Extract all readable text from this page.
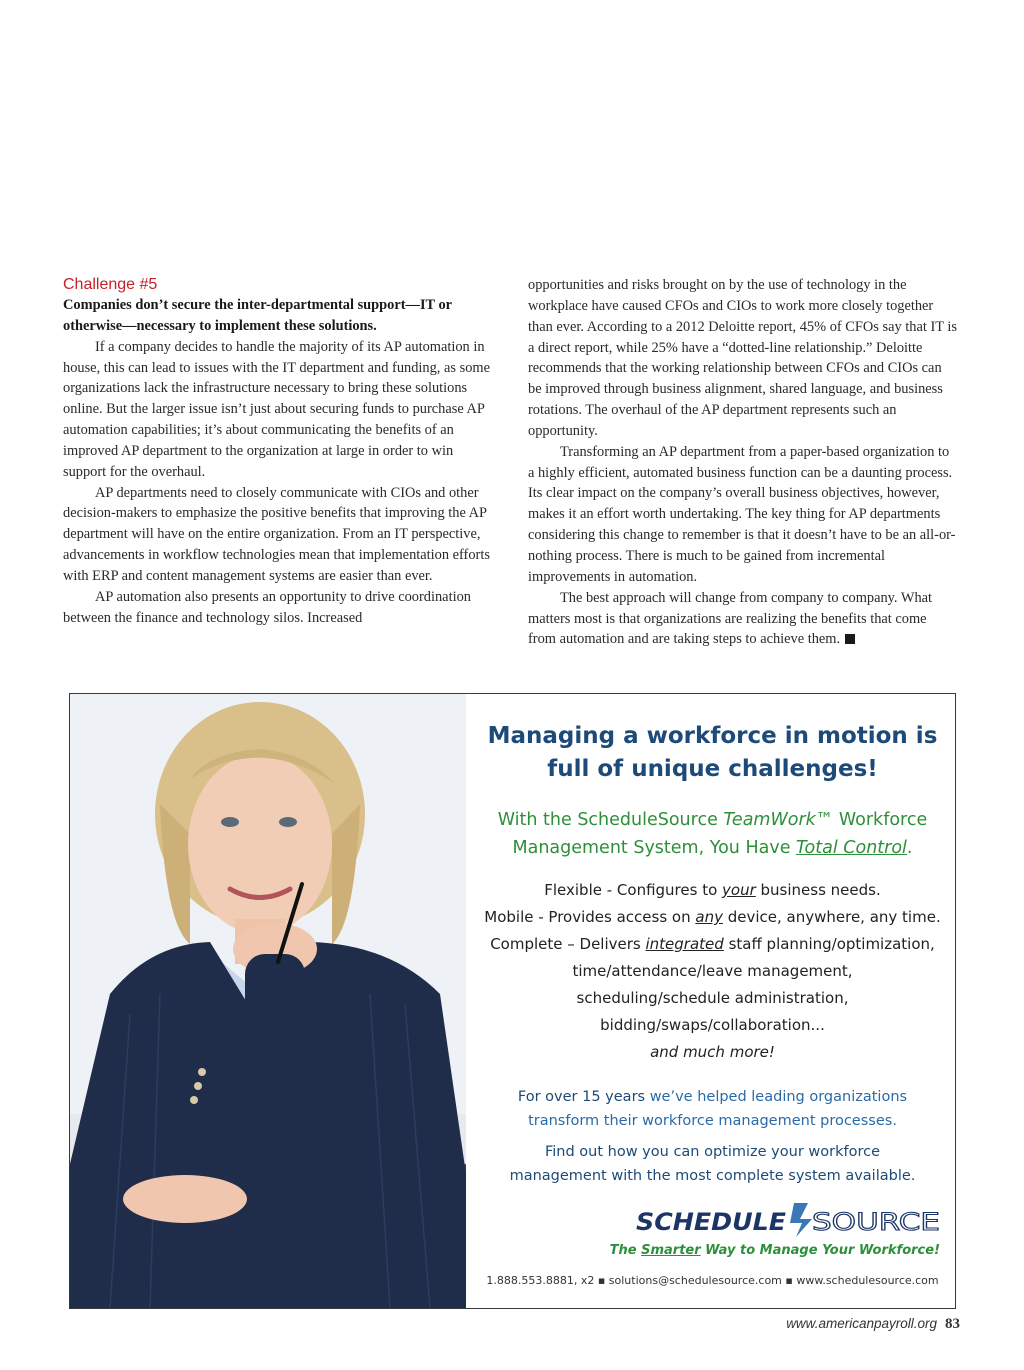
Challenge #5

Companies don’t secure the inter-departmental support—IT or otherwise—necessary to implement these solutions.

If a company decides to handle the majority of its AP automation in house, this can lead to issues with the IT department and funding, as some organizations lack the infrastructure necessary to bring these solutions online. But the larger issue isn’t just about securing funds to purchase AP automation capabilities; it’s about communicating the benefits of an improved AP department to the organization at large in order to win support for the overhaul.

AP departments need to closely communicate with CIOs and other decision-makers to emphasize the positive benefits that improving the AP department will have on the entire organization. From an IT perspective, advancements in workflow technologies mean that implementation efforts with ERP and content management systems are easier than ever.

AP automation also presents an opportunity to drive coordination between the finance and technology silos. Increased

opportunities and risks brought on by the use of technology in the workplace have caused CFOs and CIOs to work more closely together than ever. According to a 2012 Deloitte report, 45% of CFOs say that IT is a direct report, while 25% have a “dotted-line relationship.” Deloitte recommends that the working relationship between CFOs and CIOs can be improved through business alignment, shared language, and business rotations. The overhaul of the AP department represents such an opportunity.

Transforming an AP department from a paper-based organization to a highly efficient, automated business function can be a daunting process. Its clear impact on the company’s overall business objectives, however, makes it an effort worth undertaking. The key thing for AP departments considering this change to remember is that it doesn’t have to be an all-or-nothing process. There is much to be gained from incremental improvements in automation.

The best approach will change from company to company. What matters most is that organizations are realizing the benefits that come from automation and are taking steps to achieve them.

Managing a workforce in motion is
full of unique challenges!
With the ScheduleSource TeamWork™ Workforce
Management System, You Have Total Control.
Flexible - Configures to your business needs.
Mobile - Provides access on any device, anywhere, any time.
Complete – Delivers integrated staff planning/optimization,
time/attendance/leave management,
scheduling/schedule administration,
bidding/swaps/collaboration...
and much more!
For over 15 years we’ve helped leading organizations
transform their workforce management processes.
Find out how you can optimize your workforce
management with the most complete system available.
SCHEDULE SOURCE
The Smarter Way to Manage Your Workforce!
1.888.553.8881, x2 ▪ solutions@schedulesource.com ▪ www.schedulesource.com
www.americanpayroll.org 83
